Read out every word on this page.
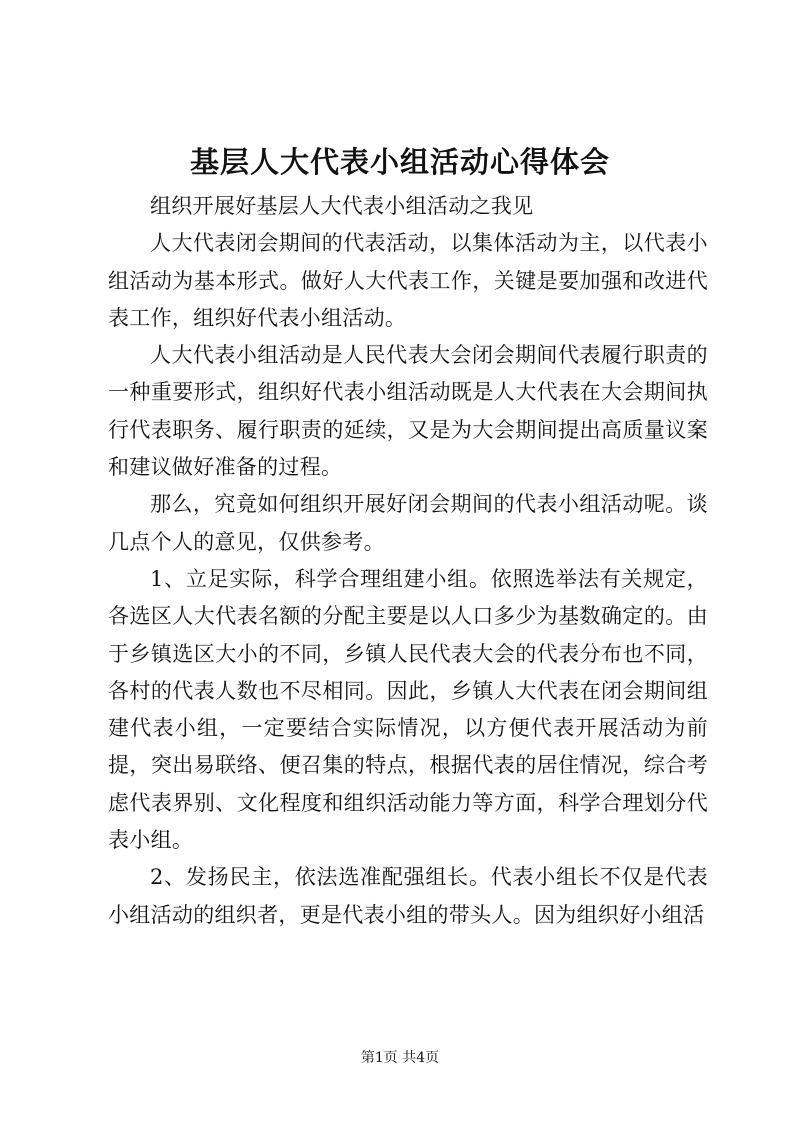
基层人大代表小组活动心得体会

组织开展好基层人大代表小组活动之我见

人大代表闭会期间的代表活动，以集体活动为主，以代表小组活动为基本形式。做好人大代表工作，关键是要加强和改进代表工作，组织好代表小组活动。

人大代表小组活动是人民代表大会闭会期间代表履行职责的一种重要形式，组织好代表小组活动既是人大代表在大会期间执行代表职务、履行职责的延续，又是为大会期间提出高质量议案和建议做好准备的过程。

那么，究竟如何组织开展好闭会期间的代表小组活动呢。谈几点个人的意见，仅供参考。

1、立足实际，科学合理组建小组。依照选举法有关规定，各选区人大代表名额的分配主要是以人口多少为基数确定的。由于乡镇选区大小的不同，乡镇人民代表大会的代表分布也不同，各村的代表人数也不尽相同。因此，乡镇人大代表在闭会期间组建代表小组，一定要结合实际情况，以方便代表开展活动为前提，突出易联络、便召集的特点，根据代表的居住情况，综合考虑代表界别、文化程度和组织活动能力等方面，科学合理划分代表小组。

2、发扬民主，依法选准配强组长。代表小组长不仅是代表小组活动的组织者，更是代表小组的带头人。因为组织好小组活

第1页 共4页
